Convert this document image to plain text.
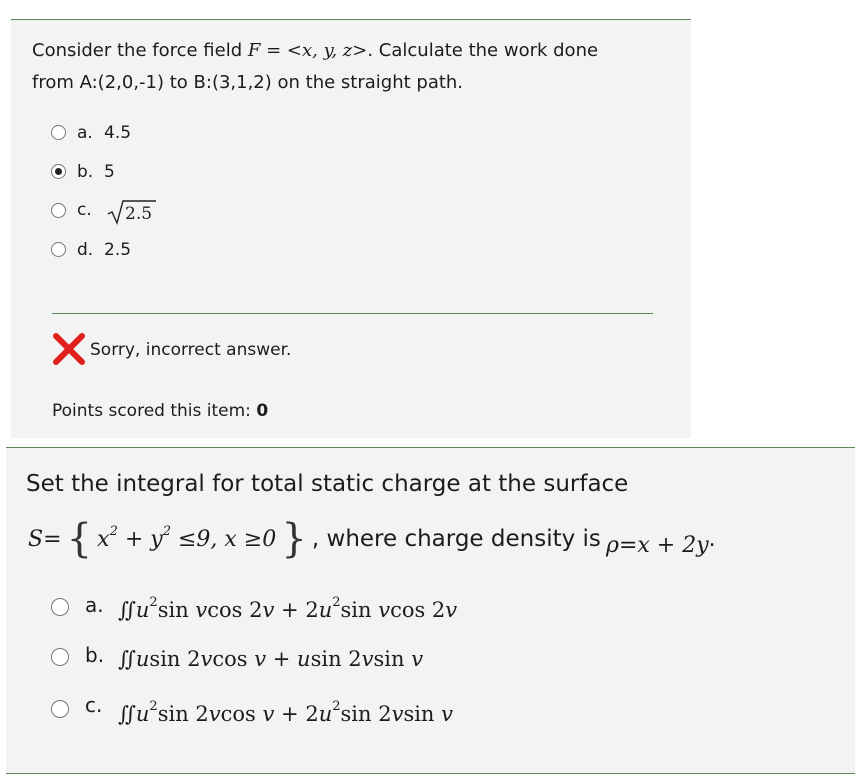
Consider the force field F = <x, y, z>. Calculate the work done
from A:(2,0,-1) to B:(3,1,2) on the straight path.
a. 4.5
b. 5
c. 2.5
d. 2.5
Sorry, incorrect answer.
Points scored this item: 0
Set the integral for total static charge at the surface
S= { $x^2 + y^2 \le 9$, x ≥0 } , where charge density is ρ=x + 2y.
a. $∬u^2\sin$ vcos $2v + 2u^2\sin$ vcos 2v
b. ∬usin 2vcos v + usin 2vsin v
c. $∬u^2\sin$ 2vcos $v + 2u^2\sin$ 2vsin v
